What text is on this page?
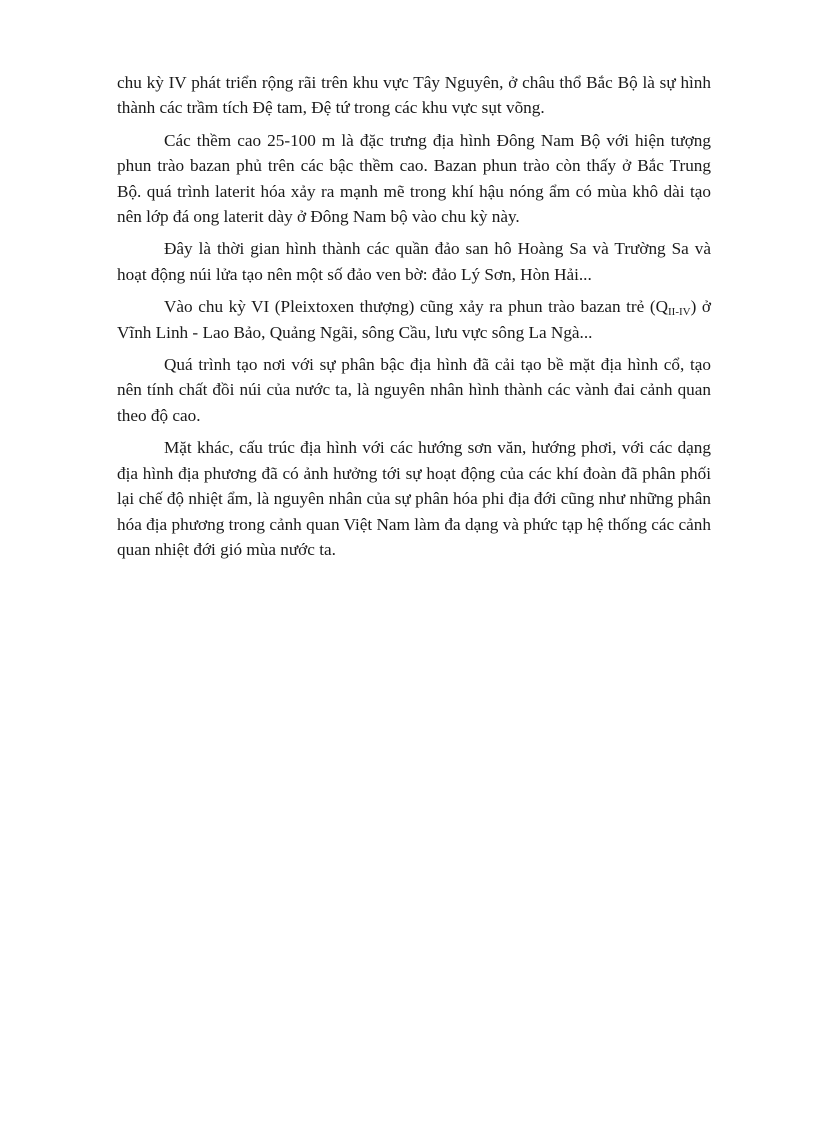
chu kỳ IV phát triển rộng rãi trên khu vực Tây Nguyên, ở châu thổ Bắc Bộ là sự hình thành các trầm tích Đệ tam, Đệ tứ trong các khu vực sụt võng.

Các thềm cao 25-100 m là đặc trưng địa hình Đông Nam Bộ với hiện tượng phun trào bazan phủ trên các bậc thềm cao. Bazan phun trào còn thấy ở Bắc Trung Bộ. quá trình laterit hóa xảy ra mạnh mẽ trong khí hậu nóng ẩm có mùa khô dài tạo nên lớp đá ong laterit dày ở Đông Nam bộ vào chu kỳ này.

Đây là thời gian hình thành các quần đảo san hô Hoàng Sa và Trường Sa và hoạt động núi lửa tạo nên một số đảo ven bờ: đảo Lý Sơn, Hòn Hải...

Vào chu kỳ VI (Pleixtoxen thượng) cũng xảy ra phun trào bazan trẻ $(Q_{II-IV})$ ở Vĩnh Linh - Lao Bảo, Quảng Ngãi, sông Cầu, lưu vực sông La Ngà...

Quá trình tạo nơi với sự phân bậc địa hình đã cải tạo bề mặt địa hình cổ, tạo nên tính chất đồi núi của nước ta, là nguyên nhân hình thành các vành đai cảnh quan theo độ cao.

Mặt khác, cấu trúc địa hình với các hướng sơn văn, hướng phơi, với các dạng địa hình địa phương đã có ảnh hưởng tới sự hoạt động của các khí đoàn đã phân phối lại chế độ nhiệt ẩm, là nguyên nhân của sự phân hóa phi địa đới cũng như những phân hóa địa phương trong cảnh quan Việt Nam làm đa dạng và phức tạp hệ thống các cảnh quan nhiệt đới gió mùa nước ta.
